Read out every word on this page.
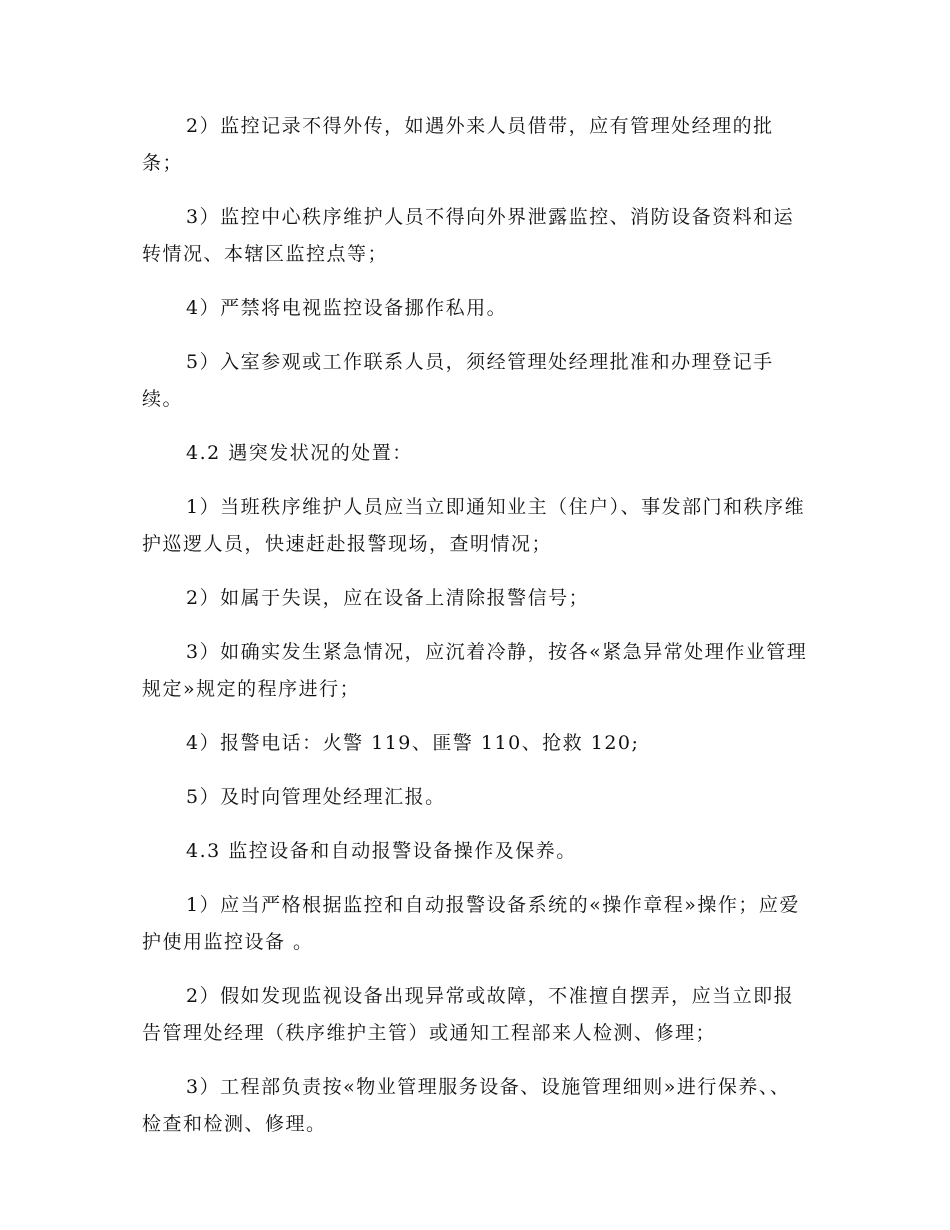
2）监控记录不得外传，如遇外来人员借带，应有管理处经理的批条；

3）监控中心秩序维护人员不得向外界泄露监控、消防设备资料和运转情况、本辖区监控点等；

4）严禁将电视监控设备挪作私用。

5）入室参观或工作联系人员，须经管理处经理批准和办理登记手续。

4.2 遇突发状况的处置：

1）当班秩序维护人员应当立即通知业主（住户）、事发部门和秩序维护巡逻人员，快速赶赴报警现场，查明情况；

2）如属于失误，应在设备上清除报警信号；

3）如确实发生紧急情况，应沉着冷静，按各«紧急异常处理作业管理规定»规定的程序进行；

4）报警电话：火警 119、匪警 110、抢救 120;

5）及时向管理处经理汇报。

4.3 监控设备和自动报警设备操作及保养。

1）应当严格根据监控和自动报警设备系统的«操作章程»操作；应爱护使用监控设备 。

2）假如发现监视设备出现异常或故障，不准擅自摆弄，应当立即报告管理处经理（秩序维护主管）或通知工程部来人检测、修理；

3）工程部负责按«物业管理服务设备、设施管理细则»进行保养、、检查和检测、修理。
